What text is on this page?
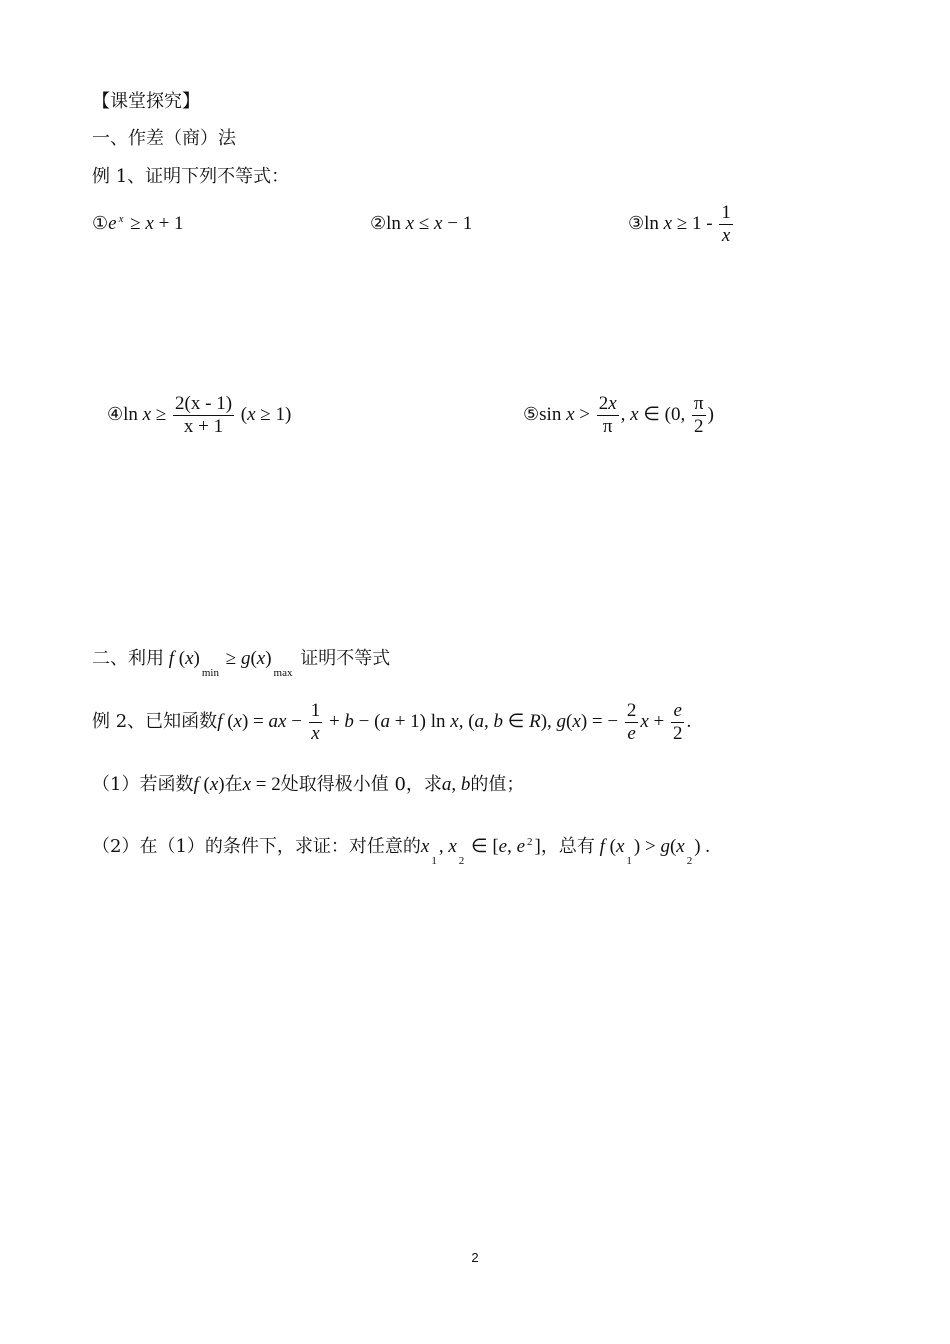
【课堂探究】
一、作差（商）法
例 1、证明下列不等式：
①e $^x$ ≥ x + 1	②ln x ≤ x − 1	③ln $x \ge 1 - \frac{1}{x}$
④ln $x \ge \frac{2(x - 1)}{x + 1} (x \ge 1)$	⑤sin $x > \frac{2x}{\pi}$ , x ∈ (0, $\frac{\pi}{2}$ )
二、利用 f $(x)_{min} \ge g(x)_{max}$ 证明不等式
例 2、已知函数f (x) = ax − $\frac{1}{x} + b - (a + 1)$ ln x, (a, b ∈ R), g(x) = − $\frac{2}{e}$ $x + \frac{e}{2}$ .
（1）若函数f (x)在x = 2处取得极小值 0，求a, b的值；
（2）在（1）的条件下，求证：对任意的$x_1$, $x_2$ ∈ [e, e $^2$ ]，总有 f $(x_1) > g(x_2)$ .
2
